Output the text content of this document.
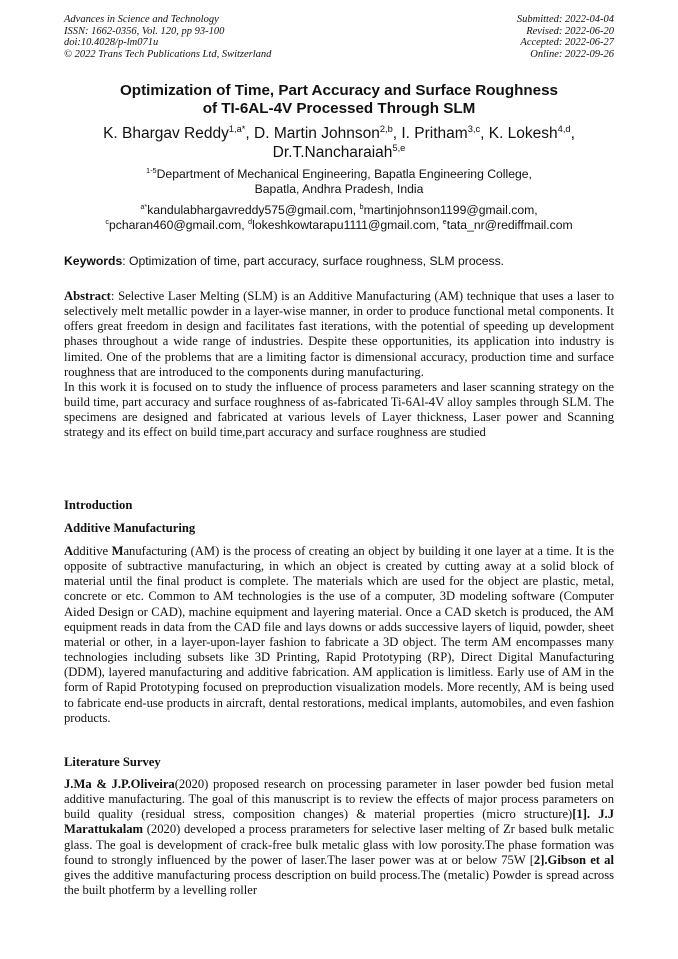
Advances in Science and Technology
ISSN: 1662-0356, Vol. 120, pp 93-100
doi:10.4028/p-lm071u
© 2022 Trans Tech Publications Ltd, Switzerland
Submitted: 2022-04-04
Revised: 2022-06-20
Accepted: 2022-06-27
Online: 2022-09-26
Optimization of Time, Part Accuracy and Surface Roughness
of TI-6AL-4V Processed Through SLM
K. Bhargav Reddy$^{1,a*}$, D. Martin Johnson$^{2,b}$, I. Pritham$^{3,c}$, K. Lokesh$^{4,d}$,
Dr.T.Nancharaiah$^{5,e}$
$^{1-5}$Department of Mechanical Engineering, Bapatla Engineering College,
Bapatla, Andhra Pradesh, India
$^{a*}$kandulabhargavreddy575@gmail.com, $^b$martinjohnson1199@gmail.com,
$^c$pcharan460@gmail.com, $^d$lokeshkowtarapu1111@gmail.com, $^e$tata_nr@rediffmail.com
Keywords: Optimization of time, part accuracy, surface roughness, SLM process.

Abstract: Selective Laser Melting (SLM) is an Additive Manufacturing (AM) technique that uses a laser to selectively melt metallic powder in a layer-wise manner, in order to produce functional metal components. It offers great freedom in design and facilitates fast iterations, with the potential of speeding up development phases throughout a wide range of industries. Despite these opportunities, its application into industry is limited. One of the problems that are a limiting factor is dimensional accuracy, production time and surface roughness that are introduced to the components during manufacturing.

In this work it is focused on to study the influence of process parameters and laser scanning strategy on the build time, part accuracy and surface roughness of as-fabricated Ti-6Al-4V alloy samples through SLM. The specimens are designed and fabricated at various levels of Layer thickness, Laser power and Scanning strategy and its effect on build time,part accuracy and surface roughness are studied

Introduction
Additive Manufacturing

Additive Manufacturing (AM) is the process of creating an object by building it one layer at a time. It is the opposite of subtractive manufacturing, in which an object is created by cutting away at a solid block of material until the final product is complete. The materials which are used for the object are plastic, metal, concrete or etc. Common to AM technologies is the use of a computer, 3D modeling software (Computer Aided Design or CAD), machine equipment and layering material. Once a CAD sketch is produced, the AM equipment reads in data from the CAD file and lays downs or adds successive layers of liquid, powder, sheet material or other, in a layer-upon-layer fashion to fabricate a 3D object. The term AM encompasses many technologies including subsets like 3D Printing, Rapid Prototyping (RP), Direct Digital Manufacturing (DDM), layered manufacturing and additive fabrication. AM application is limitless. Early use of AM in the form of Rapid Prototyping focused on preproduction visualization models. More recently, AM is being used to fabricate end-use products in aircraft, dental restorations, medical implants, automobiles, and even fashion products.

Literature Survey

J.Ma & J.P.Oliveira(2020) proposed research on processing parameter in laser powder bed fusion metal additive manufacturing. The goal of this manuscript is to review the effects of major process parameters on build quality (residual stress, composition changes) & material properties (micro structure)[1]. J.J Marattukalam (2020) developed a process prarameters for selective laser melting of Zr based bulk metalic glass. The goal is development of crack-free bulk metalic glass with low porosity.The phase formation was found to strongly influenced by the power of laser.The laser power was at or below 75W [2].Gibson et al gives the additive manufacturing process description on build process.The (metalic) Powder is spread across the built photferm by a levelling roller
